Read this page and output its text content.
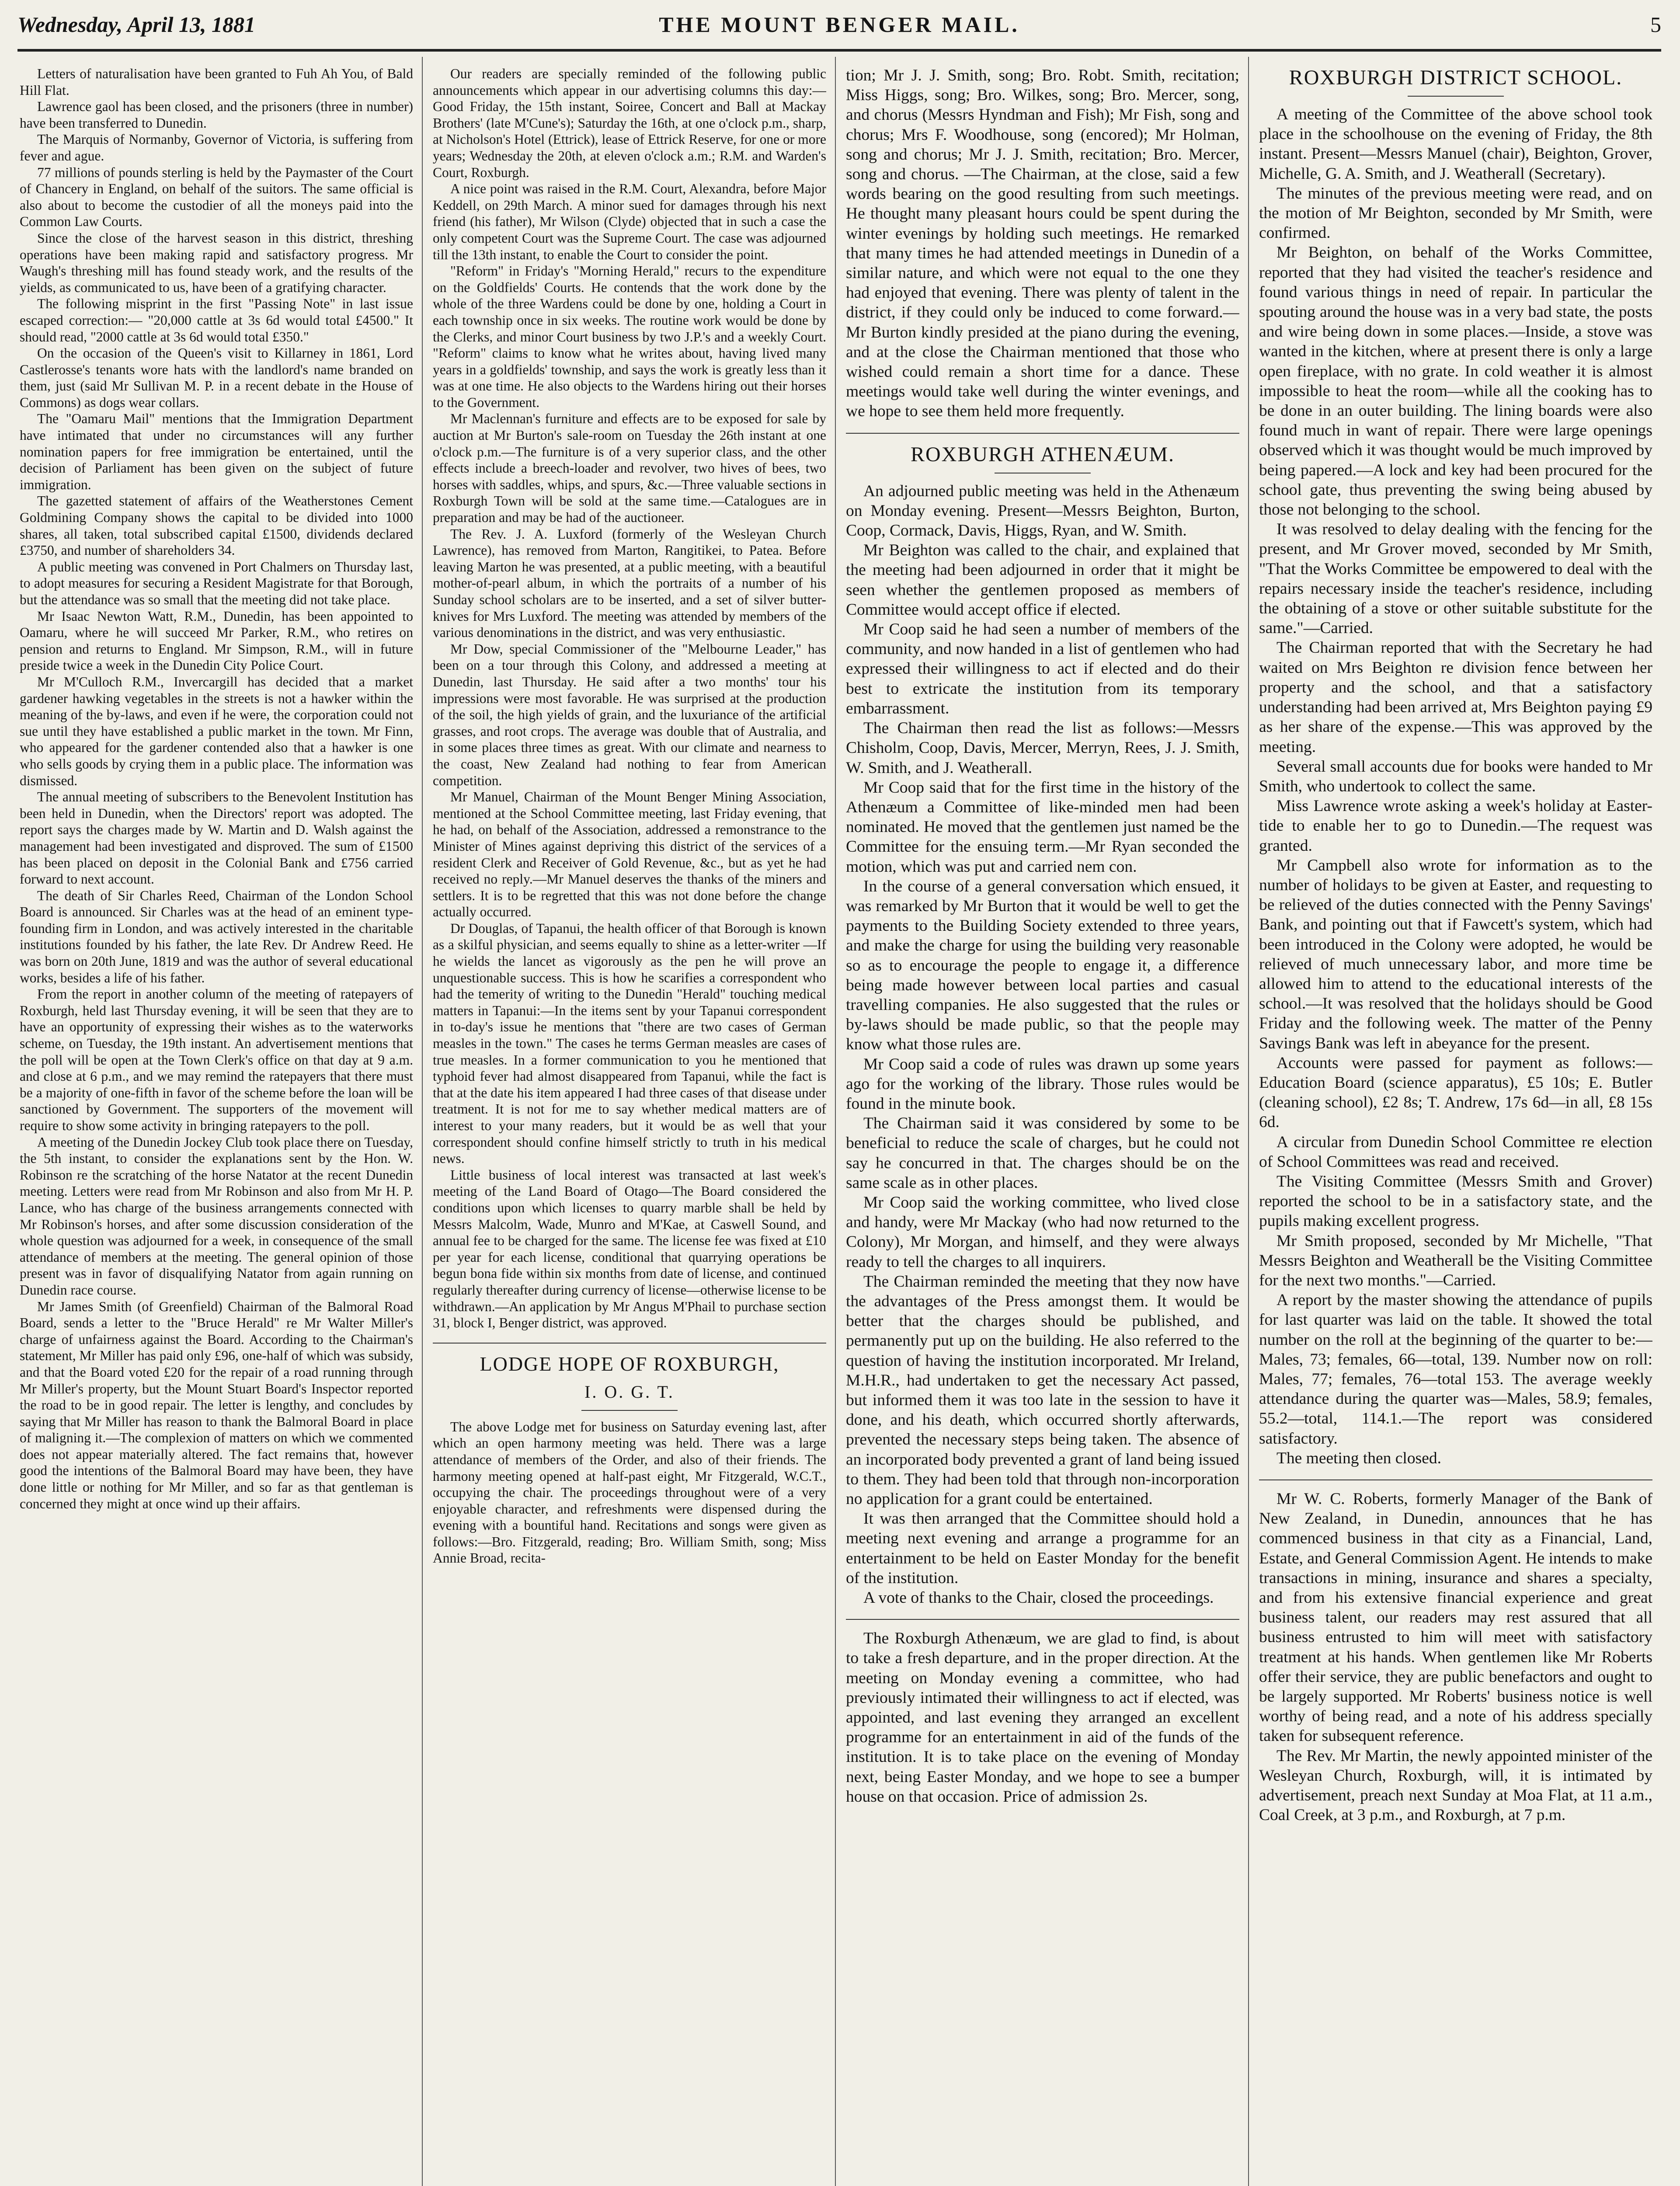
Wednesday, April 13, 1881	THE MOUNT BENGER MAIL.	5

Letters of naturalisation have been granted to Fuh Ah You, of Bald Hill Flat.

Lawrence gaol has been closed, and the prisoners (three in number) have been transferred to Dunedin.

The Marquis of Normanby, Governor of Victoria, is suffering from fever and ague.

77 millions of pounds sterling is held by the Paymaster of the Court of Chancery in England, on behalf of the suitors. The same official is also about to become the custodier of all the moneys paid into the Common Law Courts.

Since the close of the harvest season in this district, threshing operations have been making rapid and satisfactory progress. Mr Waugh's threshing mill has found steady work, and the results of the yields, as communicated to us, have been of a gratifying character.

The following misprint in the first "Passing Note" in last issue escaped correction:— "20,000 cattle at 3s 6d would total £4500." It should read, "2000 cattle at 3s 6d would total £350."

On the occasion of the Queen's visit to Killarney in 1861, Lord Castlerosse's tenants wore hats with the landlord's name branded on them, just (said Mr Sullivan M. P. in a recent debate in the House of Commons) as dogs wear collars.

The "Oamaru Mail" mentions that the Immigration Department have intimated that under no circumstances will any further nomination papers for free immigration be entertained, until the decision of Parliament has been given on the subject of future immigration.

The gazetted statement of affairs of the Weatherstones Cement Goldmining Company shows the capital to be divided into 1000 shares, all taken, total subscribed capital £1500, dividends declared £3750, and number of shareholders 34.

A public meeting was convened in Port Chalmers on Thursday last, to adopt measures for securing a Resident Magistrate for that Borough, but the attendance was so small that the meeting did not take place.

Mr Isaac Newton Watt, R.M., Dunedin, has been appointed to Oamaru, where he will succeed Mr Parker, R.M., who retires on pension and returns to England. Mr Simpson, R.M., will in future preside twice a week in the Dunedin City Police Court.

Mr M'Culloch R.M., Invercargill has decided that a market gardener hawking vegetables in the streets is not a hawker within the meaning of the by-laws, and even if he were, the corporation could not sue until they have established a public market in the town. Mr Finn, who appeared for the gardener contended also that a hawker is one who sells goods by crying them in a public place. The information was dismissed.

The annual meeting of subscribers to the Benevolent Institution has been held in Dunedin, when the Directors' report was adopted. The report says the charges made by W. Martin and D. Walsh against the management had been investigated and disproved. The sum of £1500 has been placed on deposit in the Colonial Bank and £756 carried forward to next account.

The death of Sir Charles Reed, Chairman of the London School Board is announced. Sir Charles was at the head of an eminent type-founding firm in London, and was actively interested in the charitable institutions founded by his father, the late Rev. Dr Andrew Reed. He was born on 20th June, 1819 and was the author of several educational works, besides a life of his father.

From the report in another column of the meeting of ratepayers of Roxburgh, held last Thursday evening, it will be seen that they are to have an opportunity of expressing their wishes as to the waterworks scheme, on Tuesday, the 19th instant. An advertisement mentions that the poll will be open at the Town Clerk's office on that day at 9 a.m. and close at 6 p.m., and we may remind the ratepayers that there must be a majority of one-fifth in favor of the scheme before the loan will be sanctioned by Government. The supporters of the movement will require to show some activity in bringing ratepayers to the poll.

A meeting of the Dunedin Jockey Club took place there on Tuesday, the 5th instant, to consider the explanations sent by the Hon. W. Robinson re the scratching of the horse Natator at the recent Dunedin meeting. Letters were read from Mr Robinson and also from Mr H. P. Lance, who has charge of the business arrangements connected with Mr Robinson's horses, and after some discussion consideration of the whole question was adjourned for a week, in consequence of the small attendance of members at the meeting. The general opinion of those present was in favor of disqualifying Natator from again running on Dunedin race course.

Mr James Smith (of Greenfield) Chairman of the Balmoral Road Board, sends a letter to the "Bruce Herald" re Mr Walter Miller's charge of unfairness against the Board. According to the Chairman's statement, Mr Miller has paid only £96, one-half of which was subsidy, and that the Board voted £20 for the repair of a road running through Mr Miller's property, but the Mount Stuart Board's Inspector reported the road to be in good repair. The letter is lengthy, and concludes by saying that Mr Miller has reason to thank the Balmoral Board in place of maligning it.—The complexion of matters on which we commented does not appear materially altered. The fact remains that, however good the intentions of the Balmoral Board may have been, they have done little or nothing for Mr Miller, and so far as that gentleman is concerned they might at once wind up their affairs.

Our readers are specially reminded of the following public announcements which appear in our advertising columns this day:—Good Friday, the 15th instant, Soiree, Concert and Ball at Mackay Brothers' (late M'Cune's); Saturday the 16th, at one o'clock p.m., sharp, at Nicholson's Hotel (Ettrick), lease of Ettrick Reserve, for one or more years; Wednesday the 20th, at eleven o'clock a.m.; R.M. and Warden's Court, Roxburgh.

A nice point was raised in the R.M. Court, Alexandra, before Major Keddell, on 29th March. A minor sued for damages through his next friend (his father), Mr Wilson (Clyde) objected that in such a case the only competent Court was the Supreme Court. The case was adjourned till the 13th instant, to enable the Court to consider the point.

"Reform" in Friday's "Morning Herald," recurs to the expenditure on the Goldfields' Courts. He contends that the work done by the whole of the three Wardens could be done by one, holding a Court in each township once in six weeks. The routine work would be done by the Clerks, and minor Court business by two J.P.'s and a weekly Court. "Reform" claims to know what he writes about, having lived many years in a goldfields' township, and says the work is greatly less than it was at one time. He also objects to the Wardens hiring out their horses to the Government.

Mr Maclennan's furniture and effects are to be exposed for sale by auction at Mr Burton's sale-room on Tuesday the 26th instant at one o'clock p.m.—The furniture is of a very superior class, and the other effects include a breech-loader and revolver, two hives of bees, two horses with saddles, whips, and spurs, &c.—Three valuable sections in Roxburgh Town will be sold at the same time.—Catalogues are in preparation and may be had of the auctioneer.

The Rev. J. A. Luxford (formerly of the Wesleyan Church Lawrence), has removed from Marton, Rangitikei, to Patea. Before leaving Marton he was presented, at a public meeting, with a beautiful mother-of-pearl album, in which the portraits of a number of his Sunday school scholars are to be inserted, and a set of silver butter-knives for Mrs Luxford. The meeting was attended by members of the various denominations in the district, and was very enthusiastic.

Mr Dow, special Commissioner of the "Melbourne Leader," has been on a tour through this Colony, and addressed a meeting at Dunedin, last Thursday. He said after a two months' tour his impressions were most favorable. He was surprised at the production of the soil, the high yields of grain, and the luxuriance of the artificial grasses, and root crops. The average was double that of Australia, and in some places three times as great. With our climate and nearness to the coast, New Zealand had nothing to fear from American competition.

Mr Manuel, Chairman of the Mount Benger Mining Association, mentioned at the School Committee meeting, last Friday evening, that he had, on behalf of the Association, addressed a remonstrance to the Minister of Mines against depriving this district of the services of a resident Clerk and Receiver of Gold Revenue, &c., but as yet he had received no reply.—Mr Manuel deserves the thanks of the miners and settlers. It is to be regretted that this was not done before the change actually occurred.

Dr Douglas, of Tapanui, the health officer of that Borough is known as a skilful physician, and seems equally to shine as a letter-writer —If he wields the lancet as vigorously as the pen he will prove an unquestionable success. This is how he scarifies a correspondent who had the temerity of writing to the Dunedin "Herald" touching medical matters in Tapanui:—In the items sent by your Tapanui correspondent in to-day's issue he mentions that "there are two cases of German measles in the town." The cases he terms German measles are cases of true measles. In a former communication to you he mentioned that typhoid fever had almost disappeared from Tapanui, while the fact is that at the date his item appeared I had three cases of that disease under treatment. It is not for me to say whether medical matters are of interest to your many readers, but it would be as well that your correspondent should confine himself strictly to truth in his medical news.

Little business of local interest was transacted at last week's meeting of the Land Board of Otago—The Board considered the conditions upon which licenses to quarry marble shall be held by Messrs Malcolm, Wade, Munro and M'Kae, at Caswell Sound, and annual fee to be charged for the same. The license fee was fixed at £10 per year for each license, conditional that quarrying operations be begun bona fide within six months from date of license, and continued regularly thereafter during currency of license—otherwise license to be withdrawn.—An application by Mr Angus M'Phail to purchase section 31, block I, Benger district, was approved.

LODGE HOPE OF ROXBURGH,
I. O. G. T.

The above Lodge met for business on Saturday evening last, after which an open harmony meeting was held. There was a large attendance of members of the Order, and also of their friends. The harmony meeting opened at half-past eight, Mr Fitzgerald, W.C.T., occupying the chair. The proceedings throughout were of a very enjoyable character, and refreshments were dispensed during the evening with a bountiful hand. Recitations and songs were given as follows:—Bro. Fitzgerald, reading; Bro. William Smith, song; Miss Annie Broad, recita-

tion; Mr J. J. Smith, song; Bro. Robt. Smith, recitation; Miss Higgs, song; Bro. Wilkes, song; Bro. Mercer, song, and chorus (Messrs Hyndman and Fish); Mr Fish, song and chorus; Mrs F. Woodhouse, song (encored); Mr Holman, song and chorus; Mr J. J. Smith, recitation; Bro. Mercer, song and chorus. —The Chairman, at the close, said a few words bearing on the good resulting from such meetings. He thought many pleasant hours could be spent during the winter evenings by holding such meetings. He remarked that many times he had attended meetings in Dunedin of a similar nature, and which were not equal to the one they had enjoyed that evening. There was plenty of talent in the district, if they could only be induced to come forward.—Mr Burton kindly presided at the piano during the evening, and at the close the Chairman mentioned that those who wished could remain a short time for a dance. These meetings would take well during the winter evenings, and we hope to see them held more frequently.

ROXBURGH ATHENÆUM.

An adjourned public meeting was held in the Athenæum on Monday evening. Present—Messrs Beighton, Burton, Coop, Cormack, Davis, Higgs, Ryan, and W. Smith.

Mr Beighton was called to the chair, and explained that the meeting had been adjourned in order that it might be seen whether the gentlemen proposed as members of Committee would accept office if elected.

Mr Coop said he had seen a number of members of the community, and now handed in a list of gentlemen who had expressed their willingness to act if elected and do their best to extricate the institution from its temporary embarrassment.

The Chairman then read the list as follows:—Messrs Chisholm, Coop, Davis, Mercer, Merryn, Rees, J. J. Smith, W. Smith, and J. Weatherall.

Mr Coop said that for the first time in the history of the Athenæum a Committee of like-minded men had been nominated. He moved that the gentlemen just named be the Committee for the ensuing term.—Mr Ryan seconded the motion, which was put and carried nem con.

In the course of a general conversation which ensued, it was remarked by Mr Burton that it would be well to get the payments to the Building Society extended to three years, and make the charge for using the building very reasonable so as to encourage the people to engage it, a difference being made however between local parties and casual travelling companies. He also suggested that the rules or by-laws should be made public, so that the people may know what those rules are.

Mr Coop said a code of rules was drawn up some years ago for the working of the library. Those rules would be found in the minute book.

The Chairman said it was considered by some to be beneficial to reduce the scale of charges, but he could not say he concurred in that. The charges should be on the same scale as in other places.

Mr Coop said the working committee, who lived close and handy, were Mr Mackay (who had now returned to the Colony), Mr Morgan, and himself, and they were always ready to tell the charges to all inquirers.

The Chairman reminded the meeting that they now have the advantages of the Press amongst them. It would be better that the charges should be published, and permanently put up on the building. He also referred to the question of having the institution incorporated. Mr Ireland, M.H.R., had undertaken to get the necessary Act passed, but informed them it was too late in the session to have it done, and his death, which occurred shortly afterwards, prevented the necessary steps being taken. The absence of an incorporated body prevented a grant of land being issued to them. They had been told that through non-incorporation no application for a grant could be entertained.

It was then arranged that the Committee should hold a meeting next evening and arrange a programme for an entertainment to be held on Easter Monday for the benefit of the institution.

A vote of thanks to the Chair, closed the proceedings.

The Roxburgh Athenæum, we are glad to find, is about to take a fresh departure, and in the proper direction. At the meeting on Monday evening a committee, who had previously intimated their willingness to act if elected, was appointed, and last evening they arranged an excellent programme for an entertainment in aid of the funds of the institution. It is to take place on the evening of Monday next, being Easter Monday, and we hope to see a bumper house on that occasion. Price of admission 2s.

ROXBURGH DISTRICT SCHOOL.

A meeting of the Committee of the above school took place in the schoolhouse on the evening of Friday, the 8th instant. Present—Messrs Manuel (chair), Beighton, Grover, Michelle, G. A. Smith, and J. Weatherall (Secretary).

The minutes of the previous meeting were read, and on the motion of Mr Beighton, seconded by Mr Smith, were confirmed.

Mr Beighton, on behalf of the Works Committee, reported that they had visited the teacher's residence and found various things in need of repair. In particular the spouting around the house was in a very bad state, the posts and wire being down in some places.—Inside, a stove was wanted in the kitchen, where at present there is only a large open fireplace, with no grate. In cold weather it is almost impossible to heat the room—while all the cooking has to be done in an outer building. The lining boards were also found much in want of repair. There were large openings observed which it was thought would be much improved by being papered.—A lock and key had been procured for the school gate, thus preventing the swing being abused by those not belonging to the school.

It was resolved to delay dealing with the fencing for the present, and Mr Grover moved, seconded by Mr Smith, "That the Works Committee be empowered to deal with the repairs necessary inside the teacher's residence, including the obtaining of a stove or other suitable substitute for the same."—Carried.

The Chairman reported that with the Secretary he had waited on Mrs Beighton re division fence between her property and the school, and that a satisfactory understanding had been arrived at, Mrs Beighton paying £9 as her share of the expense.—This was approved by the meeting.

Several small accounts due for books were handed to Mr Smith, who undertook to collect the same.

Miss Lawrence wrote asking a week's holiday at Easter-tide to enable her to go to Dunedin.—The request was granted.

Mr Campbell also wrote for information as to the number of holidays to be given at Easter, and requesting to be relieved of the duties connected with the Penny Savings' Bank, and pointing out that if Fawcett's system, which had been introduced in the Colony were adopted, he would be relieved of much unnecessary labor, and more time be allowed him to attend to the educational interests of the school.—It was resolved that the holidays should be Good Friday and the following week. The matter of the Penny Savings Bank was left in abeyance for the present.

Accounts were passed for payment as follows:— Education Board (science apparatus), £5 10s; E. Butler (cleaning school), £2 8s; T. Andrew, 17s 6d—in all, £8 15s 6d.

A circular from Dunedin School Committee re election of School Committees was read and received.

The Visiting Committee (Messrs Smith and Grover) reported the school to be in a satisfactory state, and the pupils making excellent progress.

Mr Smith proposed, seconded by Mr Michelle, "That Messrs Beighton and Weatherall be the Visiting Committee for the next two months."—Carried.

A report by the master showing the attendance of pupils for last quarter was laid on the table. It showed the total number on the roll at the beginning of the quarter to be:—Males, 73; females, 66—total, 139. Number now on roll: Males, 77; females, 76—total 153. The average weekly attendance during the quarter was—Males, 58.9; females, 55.2—total, 114.1.—The report was considered satisfactory.

The meeting then closed.

Mr W. C. Roberts, formerly Manager of the Bank of New Zealand, in Dunedin, announces that he has commenced business in that city as a Financial, Land, Estate, and General Commission Agent. He intends to make transactions in mining, insurance and shares a specialty, and from his extensive financial experience and great business talent, our readers may rest assured that all business entrusted to him will meet with satisfactory treatment at his hands. When gentlemen like Mr Roberts offer their service, they are public benefactors and ought to be largely supported. Mr Roberts' business notice is well worthy of being read, and a note of his address specially taken for subsequent reference.

The Rev. Mr Martin, the newly appointed minister of the Wesleyan Church, Roxburgh, will, it is intimated by advertisement, preach next Sunday at Moa Flat, at 11 a.m., Coal Creek, at 3 p.m., and Roxburgh, at 7 p.m.
